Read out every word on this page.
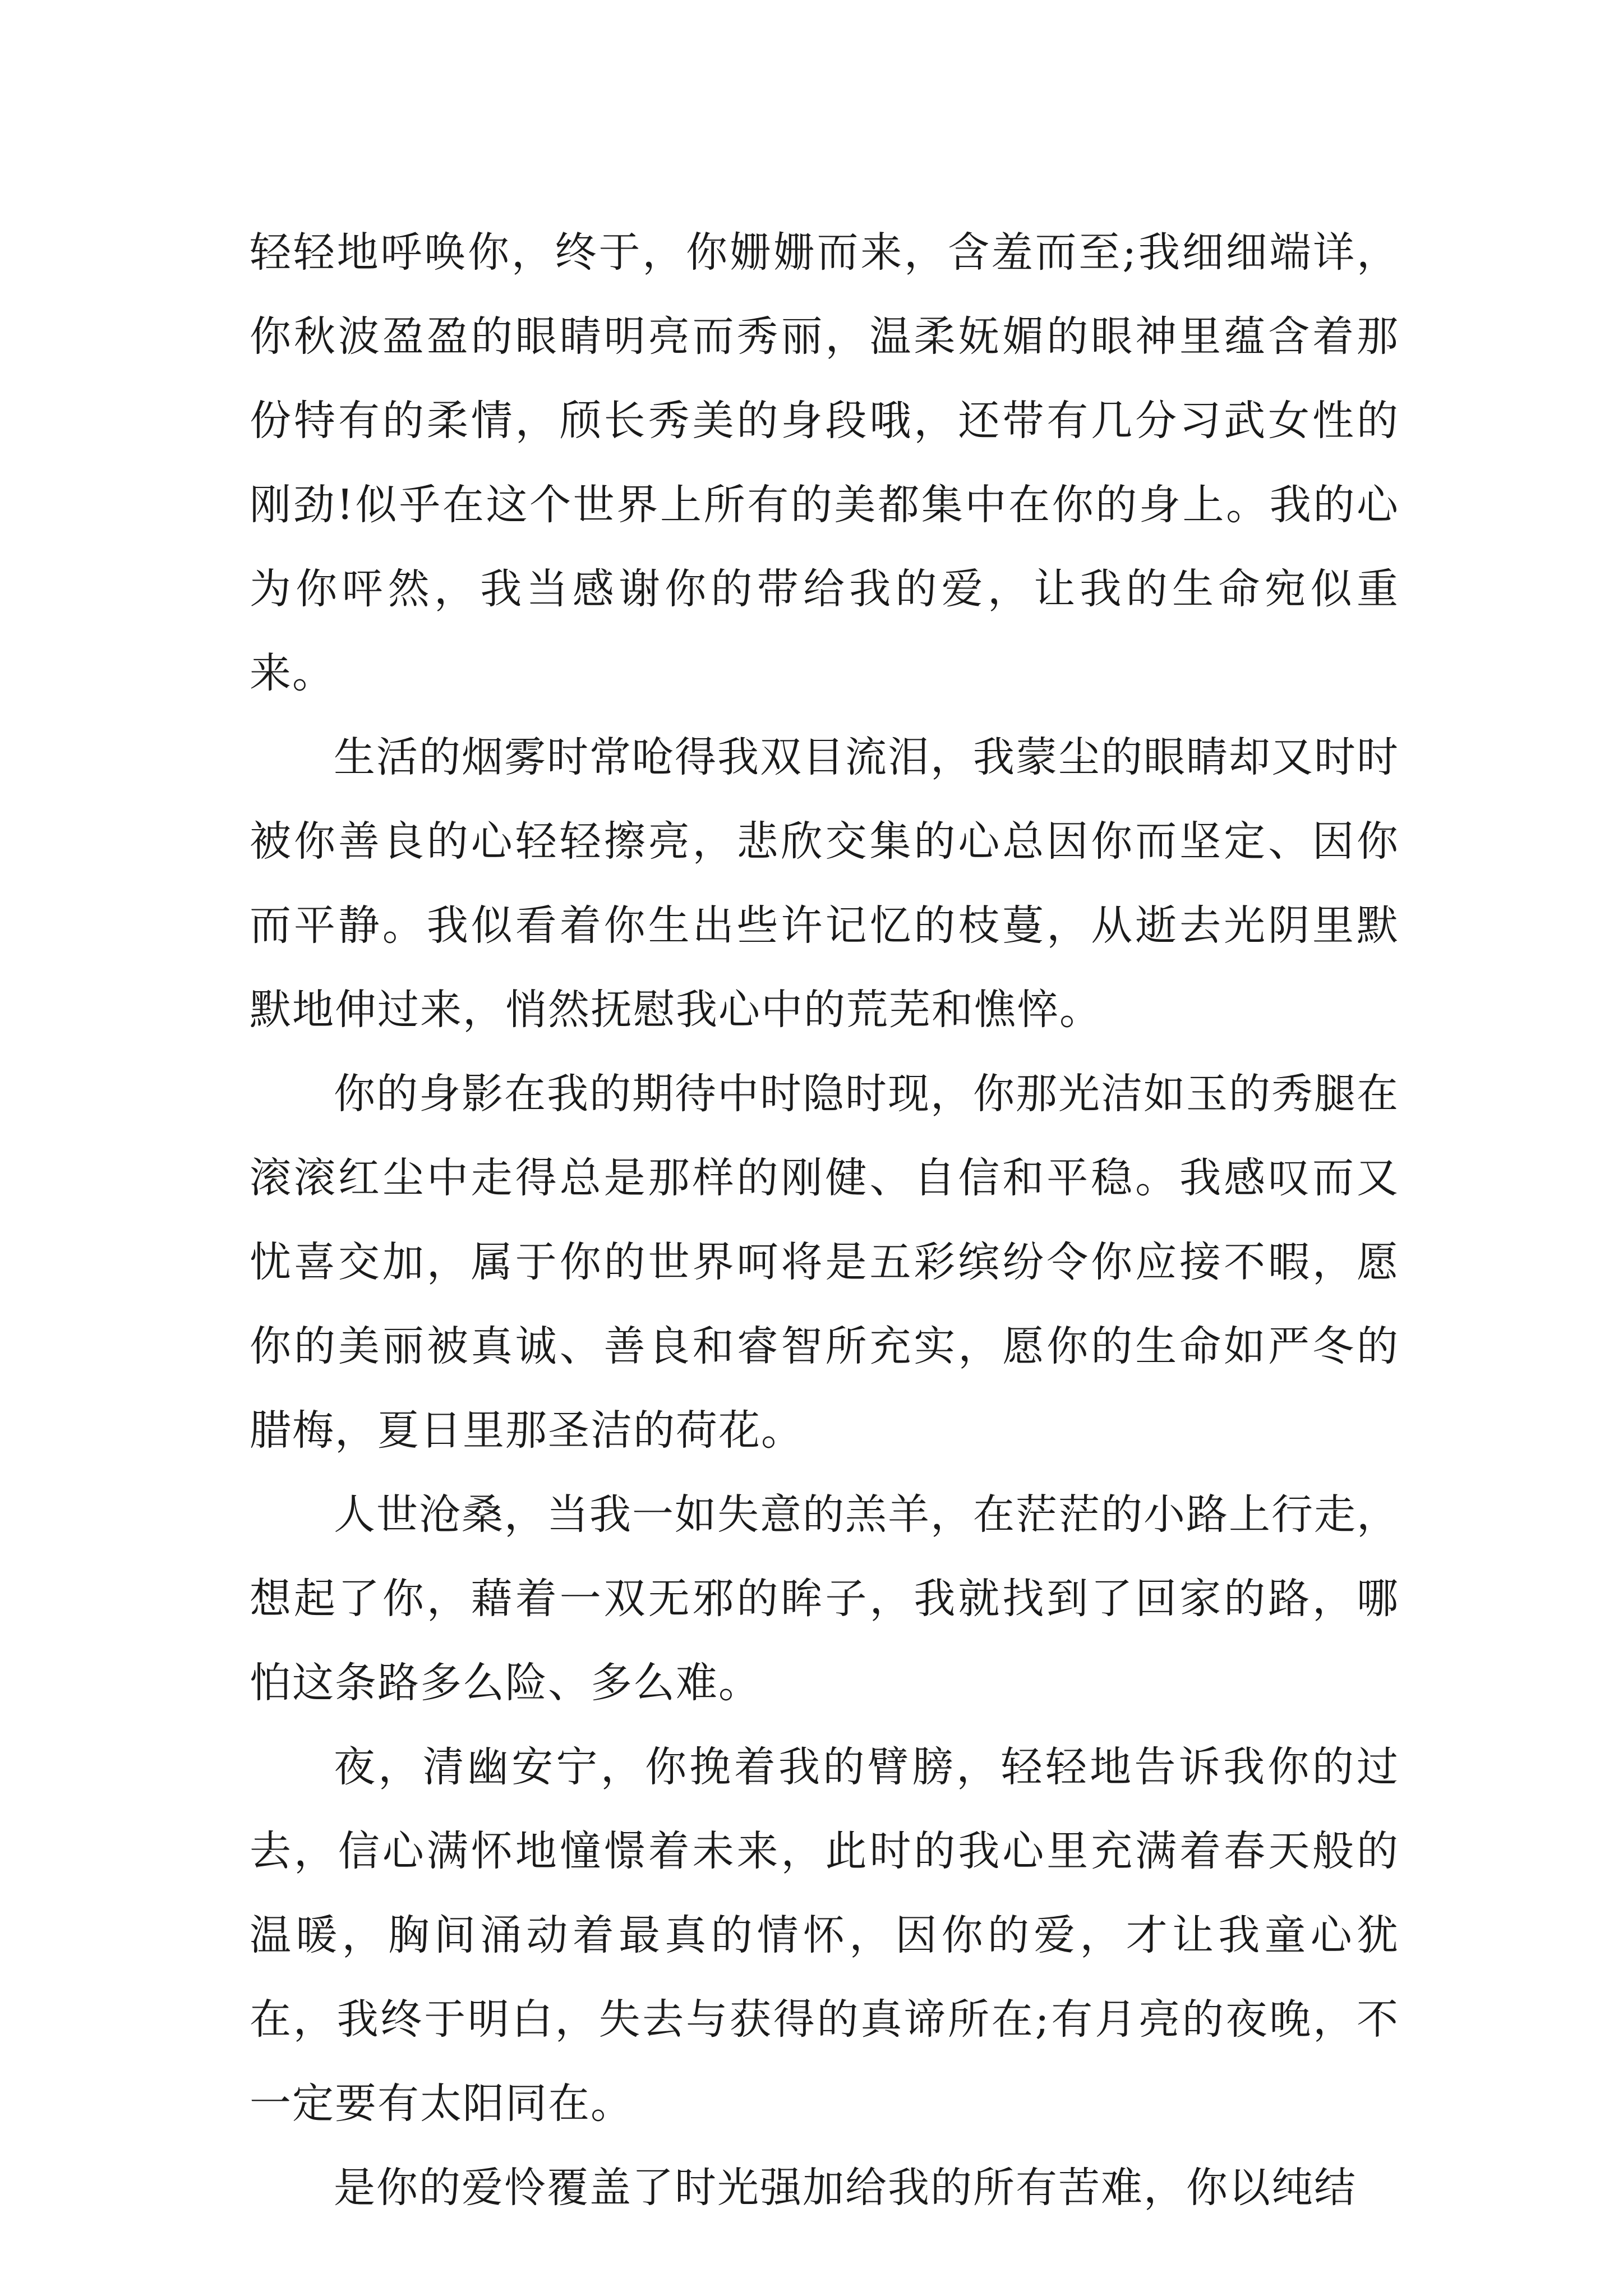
轻轻地呼唤你，终于，你姗姗而来，含羞而至;我细细端详，你秋波盈盈的眼睛明亮而秀丽，温柔妩媚的眼神里蕴含着那份特有的柔情，颀长秀美的身段哦，还带有几分习武女性的刚劲!似乎在这个世界上所有的美都集中在你的身上。我的心为你呯然，我当感谢你的带给我的爱，让我的生命宛似重来。

生活的烟雾时常呛得我双目流泪，我蒙尘的眼睛却又时时被你善良的心轻轻擦亮，悲欣交集的心总因你而坚定、因你而平静。我似看着你生出些许记忆的枝蔓，从逝去光阴里默默地伸过来，悄然抚慰我心中的荒芜和憔悴。

你的身影在我的期待中时隐时现，你那光洁如玉的秀腿在滚滚红尘中走得总是那样的刚健、自信和平稳。我感叹而又忧喜交加，属于你的世界呵将是五彩缤纷令你应接不暇，愿你的美丽被真诚、善良和睿智所充实，愿你的生命如严冬的腊梅，夏日里那圣洁的荷花。

人世沧桑，当我一如失意的羔羊，在茫茫的小路上行走，想起了你，藉着一双无邪的眸子，我就找到了回家的路，哪怕这条路多么险、多么难。

夜，清幽安宁，你挽着我的臂膀，轻轻地告诉我你的过去，信心满怀地憧憬着未来，此时的我心里充满着春天般的温暖，胸间涌动着最真的情怀，因你的爱，才让我童心犹在，我终于明白，失去与获得的真谛所在;有月亮的夜晚，不一定要有太阳同在。

是你的爱怜覆盖了时光强加给我的所有苦难，你以纯结
